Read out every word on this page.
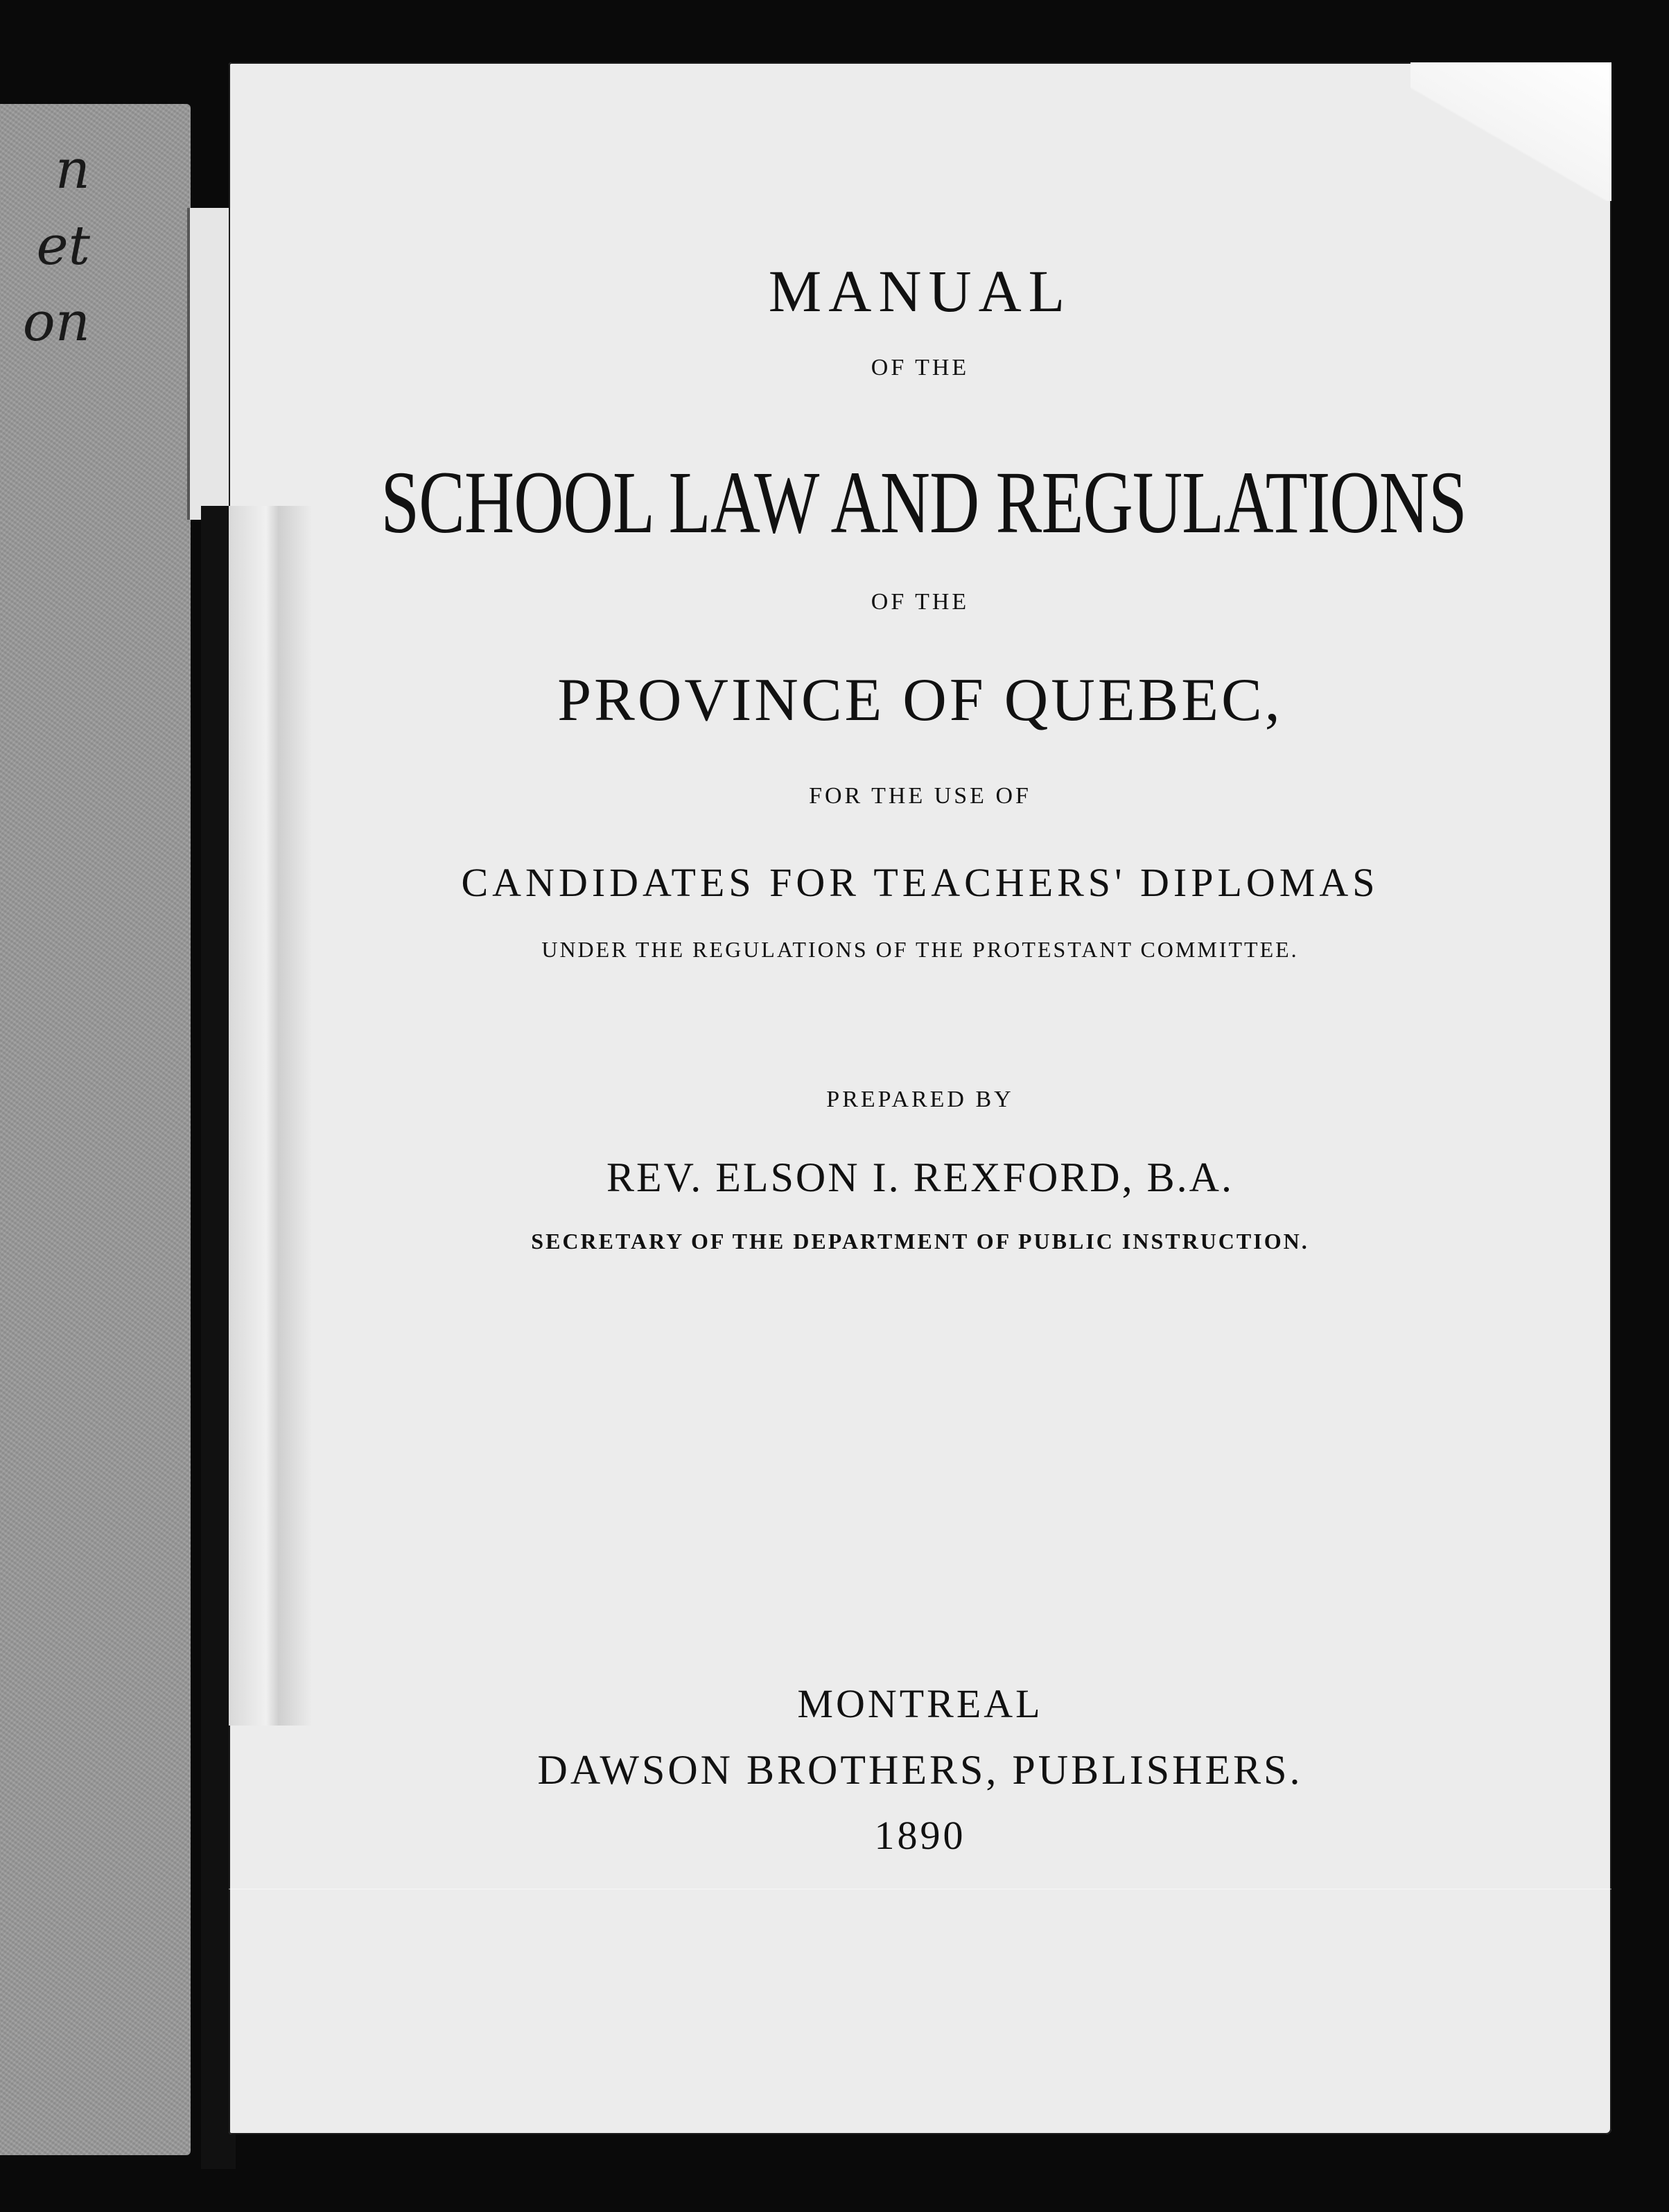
n
et
on	MANUAL
OF THE
SCHOOL LAW AND REGULATIONS
OF THE
PROVINCE OF QUEBEC,
FOR THE USE OF
CANDIDATES FOR TEACHERS' DIPLOMAS
UNDER THE REGULATIONS OF THE PROTESTANT COMMITTEE.
PREPARED BY
REV. ELSON I. REXFORD, B.A.
SECRETARY OF THE DEPARTMENT OF PUBLIC INSTRUCTION.
MONTREAL
DAWSON BROTHERS, PUBLISHERS.
1890
